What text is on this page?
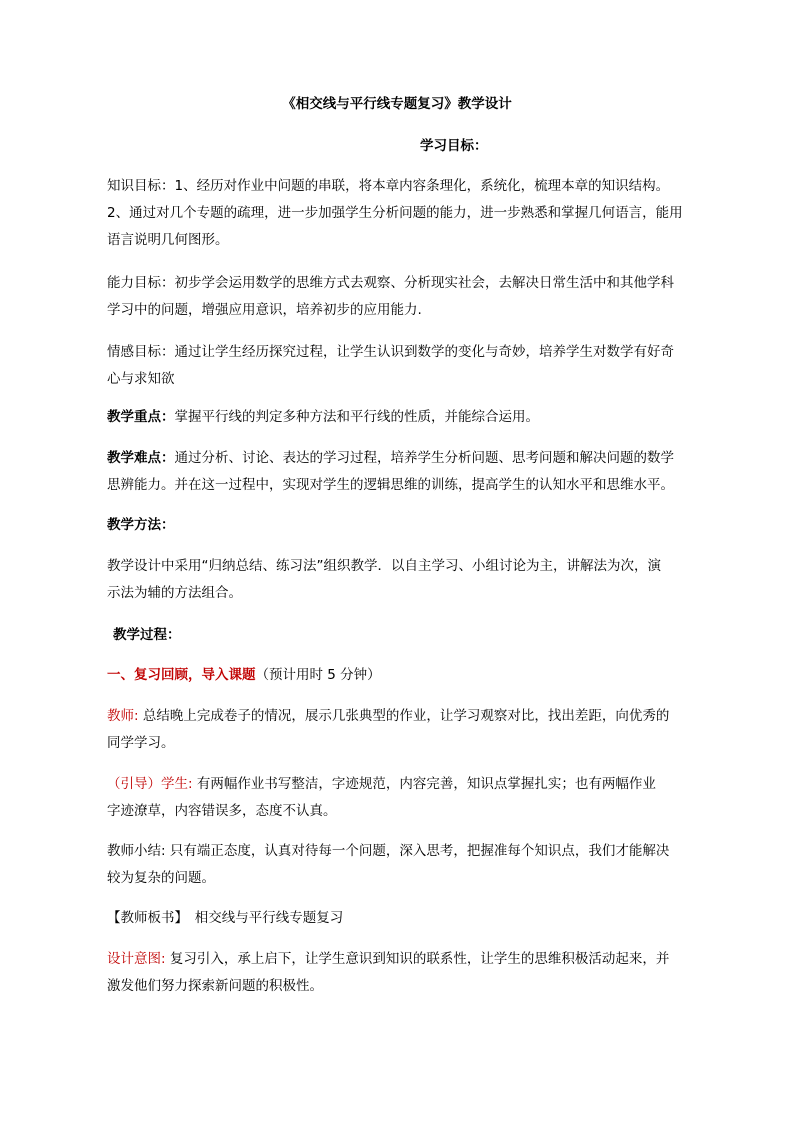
《相交线与平行线专题复习》教学设计
学习目标：

知识目标：1、经历对作业中问题的串联，将本章内容条理化，系统化，梳理本章的知识结构。
2、通过对几个专题的疏理，进一步加强学生分析问题的能力，进一步熟悉和掌握几何语言，能用
语言说明几何图形。

能力目标：初步学会运用数学的思维方式去观察、分析现实社会，去解决日常生活中和其他学科
学习中的问题，增强应用意识，培养初步的应用能力.

情感目标：通过让学生经历探究过程，让学生认识到数学的变化与奇妙，培养学生对数学有好奇
心与求知欲

教学重点：掌握平行线的判定多种方法和平行线的性质，并能综合运用。

教学难点：通过分析、讨论、表达的学习过程，培养学生分析问题、思考问题和解决问题的数学
思辨能力。并在这一过程中，实现对学生的逻辑思维的训练，提高学生的认知水平和思维水平。

教学方法：

教学设计中采用“归纳总结、练习法”组织教学．以自主学习、小组讨论为主，讲解法为次，演
示法为辅的方法组合。

教学过程：

一、复习回顾，导入课题（预计用时 5 分钟）

教师: 总结晚上完成卷子的情况，展示几张典型的作业，让学习观察对比，找出差距，向优秀的
同学学习。

（引导）学生: 有两幅作业书写整洁，字迹规范，内容完善，知识点掌握扎实；也有两幅作业
字迹潦草，内容错误多，态度不认真。

教师小结: 只有端正态度，认真对待每一个问题，深入思考，把握准每个知识点，我们才能解决
较为复杂的问题。

【教师板书】　相交线与平行线专题复习

设计意图: 复习引入，承上启下，让学生意识到知识的联系性，让学生的思维积极活动起来，并
激发他们努力探索新问题的积极性。
